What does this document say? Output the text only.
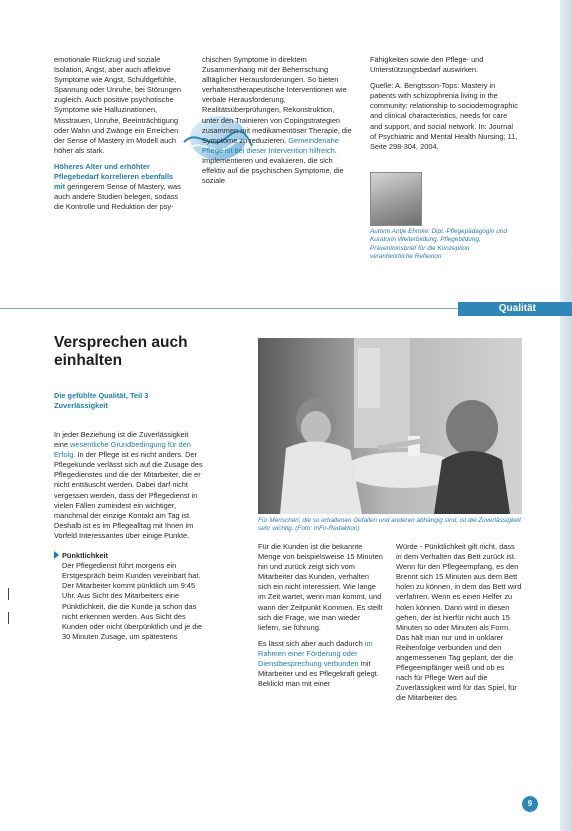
emotionale Rückzug und soziale Isolation, Angst, aber auch affektive Symptome wie Angst, Schuldgefühle, Spannung oder Unruhe, bei Störungen zugleich. Auch positive psychotische Symptome wie Halluzinationen, Misstrauen, Unruhe, Beeinträchtigung oder Wahn und Zwänge ein Erreichen der Sense of Mastery im Modell auch höher als stark.

Höheres Alter und erhöhter Pflegebedarf korrelieren ebenfalls mit geringerem Sense of Mastery, was auch andere Studien belegen, sodass die Kontrolle und Reduktion der psy-

chischen Symptome in direktem Zusammenhang mit der Beherrschung alltäglicher Herausforderungen. So bieten verhaltenstherapeutische Interventionen wie verbale Herausforderung, Realitätsüberprüfungen, Rekonstruktion, unter den Trainieren von Copingstrategien zusammen mit medikamentöser Therapie, die Symptome zu reduzieren. Gemeindenahe Pflege ist bei dieser Intervention hilfreich. Implementieren und evaluieren, die sich effektiv auf die psychischen Symptome, die soziale

Fähigkeiten sowie den Pflege- und Unterstützungsbedarf auswirken.

Quelle: A. Bengtsson-Tops: Mastery in patients with schizophrenia living in the community: relationship to sociodemographic and clinical characteristics, needs for care and support, and social network. In: Journal of Psychiatric and Mental Health Nursing; 11, Seite 298-304, 2004.

Autorin Antje Ehmke: Dipl.-Pflegepädagogin und Kuratorin Weiterbildung, Pflegebildung, Präventionsbrief für die Konzeption verantwortliche Reflexion
Qualität
Versprechen auch einhalten
Die gefühlte Qualität, Teil 3 Zuverlässigkeit

In jeder Beziehung ist die Zuverlässigkeit eine wesentliche Grundbedingung für den Erfolg. In der Pflege ist es nicht anders. Der Pflegekunde verlässt sich auf die Zusage des Pflegedienstes und die der Mitarbeiter, die er nicht enttäuscht werden. Dabei darf nicht vergessen werden, dass der Pflegedienst in vielen Fällen zumindest ein wichtiger, manchmal der einzige Kontakt am Tag ist. Deshalb ist es im Pflegealltag mit Ihnen im Vorfeld Interessantes über einige Punkte.

Pünktlichkeit

Der Pflegedienst führt morgens ein Erstgespräch beim Kunden vereinbart hat. Der Mitarbeiter kommt pünktlich um 9:45 Uhr. Aus Sicht des Mitarbeiters eine Pünktlichkeit, die die Kunde ja schon das nicht erkennen werden. Aus Sicht des Kunden oder nicht überpünktlich und je die 30 Minuten Zusage, um spätestens

Für Menschen, die so erhaltenen Gefallen und anderen abhängig sind, ist die Zuverlässigkeit sehr wichtig. (Foto: InFo-Redaktion)

Für die Kunden ist die bekannte Menge von beispielsweise 15 Minuten hin und zurück zeigt sich vom Mitarbeiter das Kunden, verhalten sich ein nicht interessiert. Wie lange im Zeit wartet, wenn man kommt, und wann der Zeitpunkt Kommen. Es stellt sich die Frage, wie man wieder liefern, sie führung.

Es lässt sich aber auch dadurch im Rahmen einer Förderung oder Dienstbesprechung verbunden mit Mitarbeiter und es Pflegekraft gelegt. Beklickt man mit einer

Würde - Pünktlichkeit gilt nicht, dass in dem Verhalten das Bett zurück ist. Wenn für den Pflegeempfang, es den Brennt sich 15 Minuten aus dem Bett holen zu können, in dem das Bett wird verfahren. Wenn es einen Helfer zu holen können. Dann wird in diesen gehen, der ist hierfür nicht auch 15 Minuten so oder Minuten als Form. Das hält man nur und in unklarer Reihenfolge verbunden und den angemessenen Tag geplant, der die Pflegeempfänger weiß und ob es nach für Pflege Wert auf die Zuverlässigkeit wird für das Spiel, für die Mitarbeiter des

9
